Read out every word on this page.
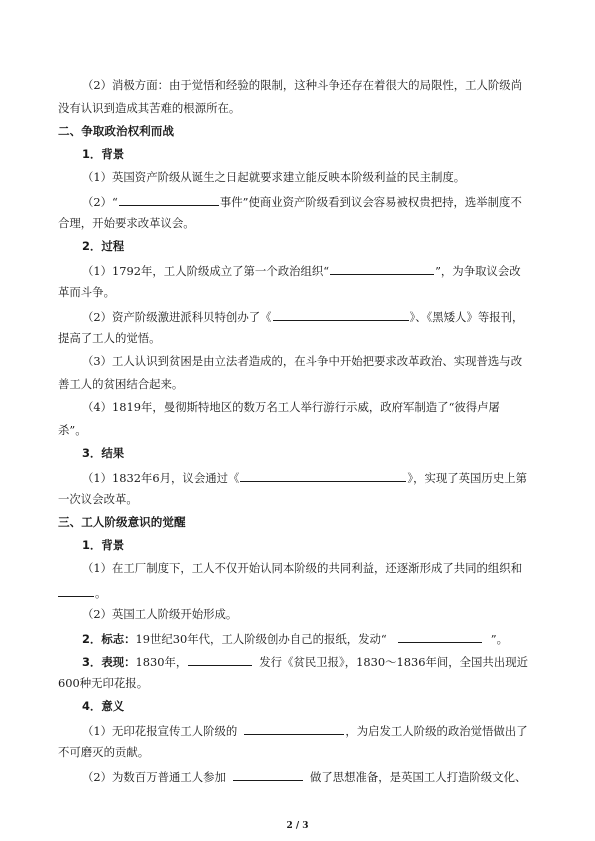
（2）消极方面：由于觉悟和经验的限制，这种斗争还存在着很大的局限性，工人阶级尚
没有认识到造成其苦难的根源所在。
二、争取政治权利而战
1．背景
（1）英国资产阶级从诞生之日起就要求建立能反映本阶级利益的民主制度。
（2）“	事件”使商业资产阶级看到议会容易被权贵把持，选举制度不
合理，开始要求改革议会。
2．过程
（1）1792年，工人阶级成立了第一个政治组织“	”，为争取议会改
革而斗争。
（2）资产阶级激进派科贝特创办了《	》、《黑矮人》等报刊，
提高了工人的觉悟。
（3）工人认识到贫困是由立法者造成的，在斗争中开始把要求改革政治、实现普选与改
善工人的贫困结合起来。
（4）1819年，曼彻斯特地区的数万名工人举行游行示威，政府军制造了“彼得卢屠
杀”。
3．结果
（1）1832年6月，议会通过《	》，实现了英国历史上第
一次议会改革。
三、工人阶级意识的觉醒
1．背景
（1）在工厂制度下，工人不仅开始认同本阶级的共同利益，还逐渐形成了共同的组织和
。
（2）英国工人阶级开始形成。
2．标志：19世纪30年代，工人阶级创办自己的报纸，发动“	”。
3．表现：1830年，	发行《贫民卫报》，1830～1836年间，全国共出现近
600种无印花报。
4．意义
（1）无印花报宣传工人阶级的	，为启发工人阶级的政治觉悟做出了
不可磨灭的贡献。
（2）为数百万普通工人参加	做了思想准备，是英国工人打造阶级文化、
2 / 3
